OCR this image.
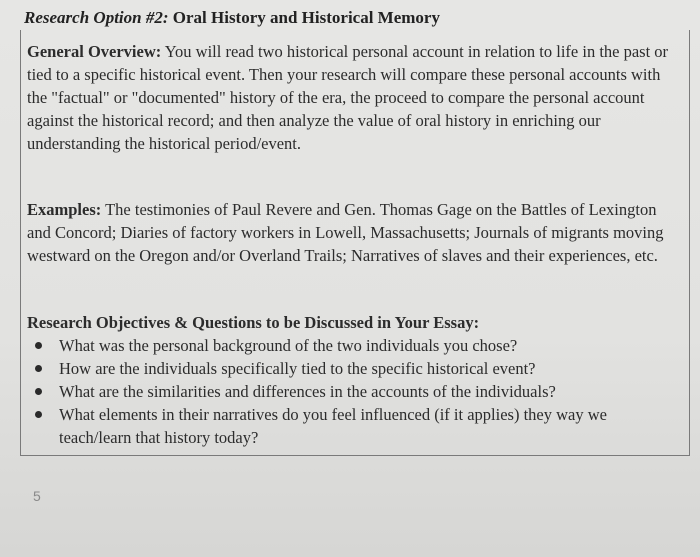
Research Option #2: Oral History and Historical Memory

General Overview: You will read two historical personal account in relation to life in the past or tied to a specific historical event. Then your research will compare these personal accounts with the "factual" or "documented" history of the era, the proceed to compare the personal account against the historical record; and then analyze the value of oral history in enriching our understanding the historical period/event.

Examples: The testimonies of Paul Revere and Gen. Thomas Gage on the Battles of Lexington and Concord; Diaries of factory workers in Lowell, Massachusetts; Journals of migrants moving westward on the Oregon and/or Overland Trails; Narratives of slaves and their experiences, etc.

Research Objectives & Questions to be Discussed in Your Essay:
What was the personal background of the two individuals you chose?
How are the individuals specifically tied to the specific historical event?
What are the similarities and differences in the accounts of the individuals?
What elements in their narratives do you feel influenced (if it applies) they way we teach/learn that history today?
5
